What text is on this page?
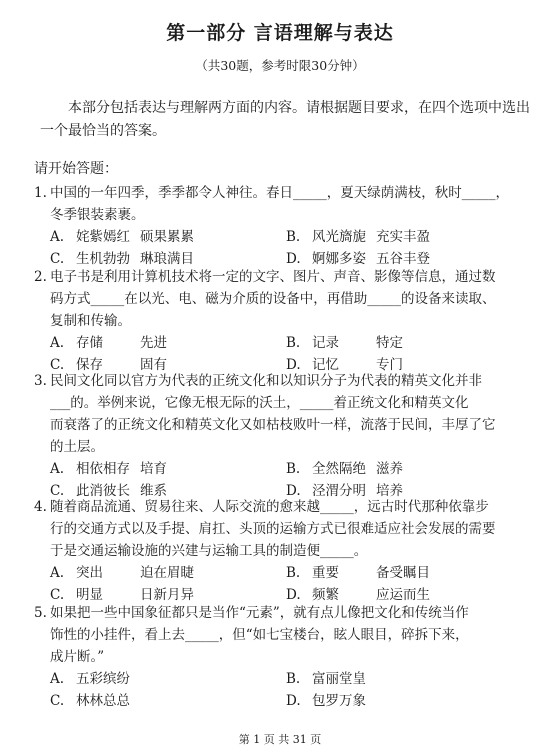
第一部分 言语理解与表达
（共30题，参考时限30分钟）
本部分包括表达与理解两方面的内容。请根据题目要求，在四个选项中选出一个最恰当的答案。
请开始答题：
1. 中国的一年四季，季季都令人神往。春日_____，夏天绿荫满枝，秋时_____，
冬季银装素裹。
A. 姹紫嫣红 硕果累累	B. 风光旖旎 充实丰盈
C. 生机勃勃 琳琅满目	D. 婀娜多姿 五谷丰登
2. 电子书是利用计算机技术将一定的文字、图片、声音、影像等信息，通过数
码方式_____在以光、电、磁为介质的设备中，再借助_____的设备来读取、
复制和传输。
A. 存储	先进	B. 记录	特定
C. 保存	固有	D. 记忆	专门
3. 民间文化同以官方为代表的正统文化和以知识分子为代表的精英文化并非
___的。举例来说，它像无根无际的沃土，_____着正统文化和精英文化
而衰落了的正统文化和精英文化又如枯枝败叶一样，流落于民间，丰厚了它
的土层。
A. 相依相存 培育	B. 全然隔绝 滋养
C. 此消彼长 维系	D. 泾渭分明 培养
4. 随着商品流通、贸易往来、人际交流的愈来越_____，远古时代那种依靠步
行的交通方式以及手提、肩扛、头顶的运输方式已很难适应社会发展的需要
于是交通运输设施的兴建与运输工具的制造便_____。
A. 突出	迫在眉睫	B. 重要	备受瞩目
C. 明显	日新月异	D. 频繁	应运而生
5. 如果把一些中国象征都只是当作“元素”，就有点儿像把文化和传统当作
饰性的小挂件，看上去_____，但“如七宝楼台，眩人眼目，碎拆下来，
成片断。”
A. 五彩缤纷	B. 富丽堂皇
C. 林林总总	D. 包罗万象
第 1 页 共 31 页
